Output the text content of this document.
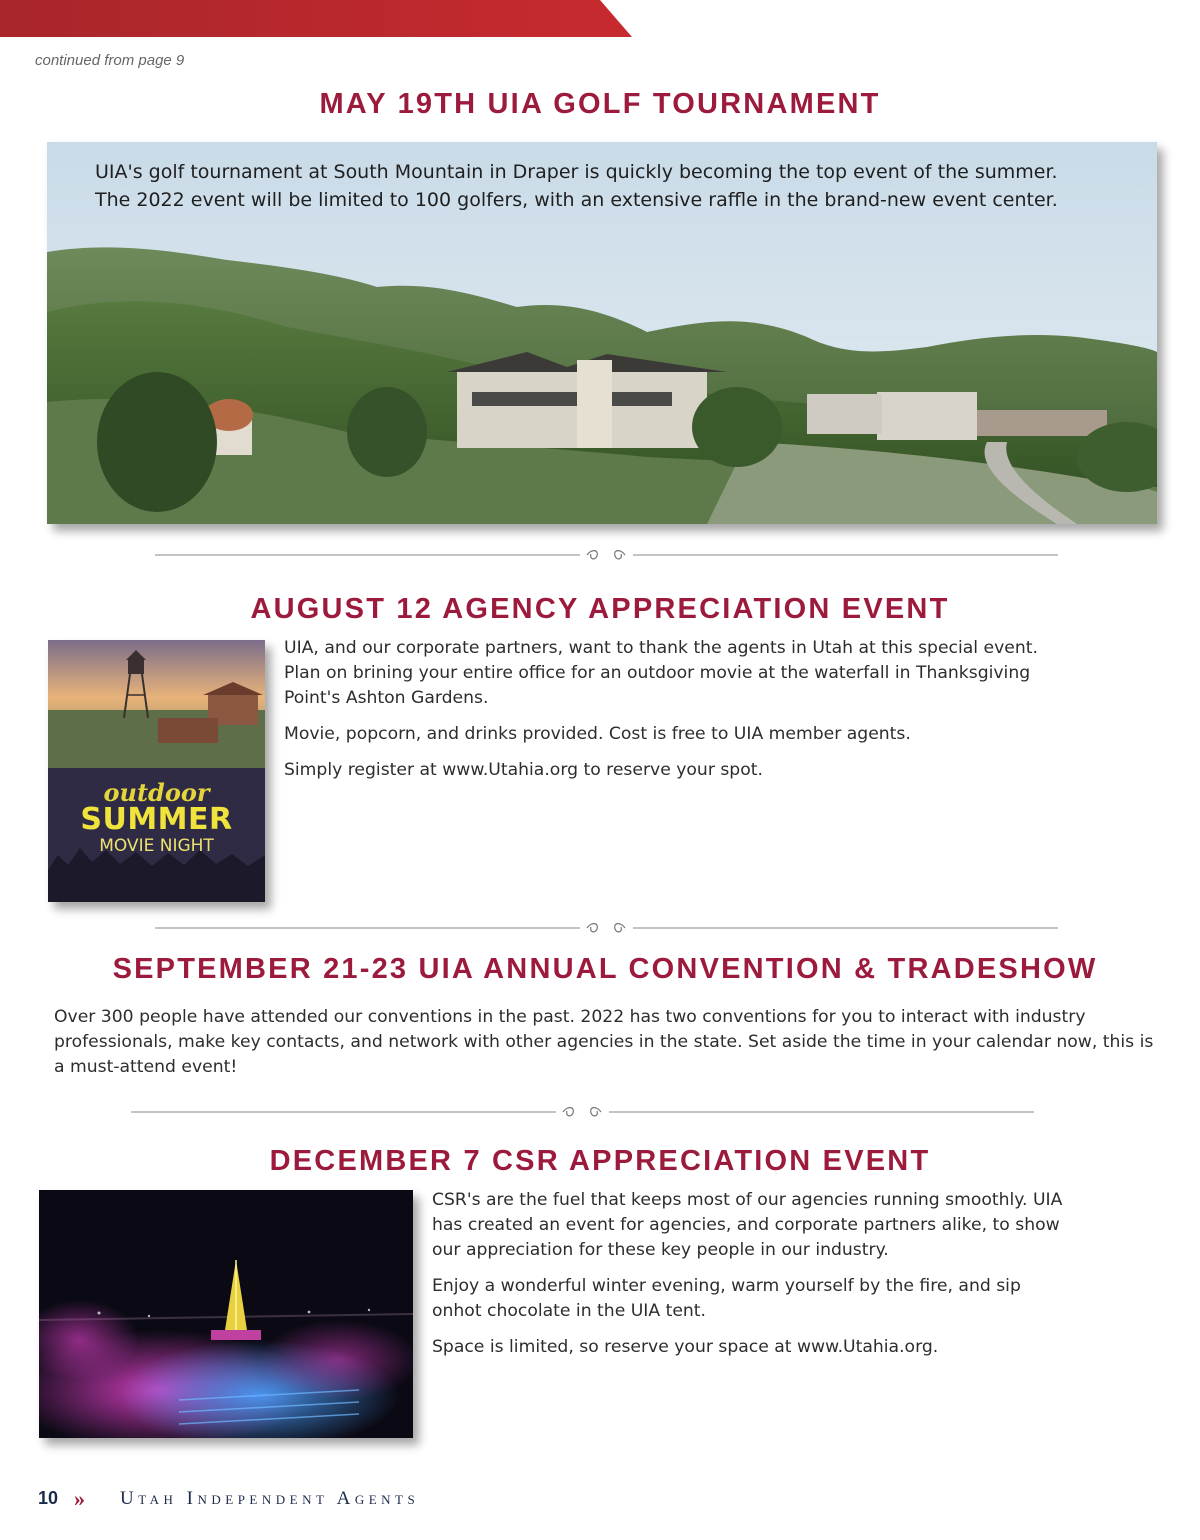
continued from page 9
MAY 19TH UIA GOLF TOURNAMENT
UIA's golf tournament at South Mountain in Draper is quickly becoming the top event of the summer.
The 2022 event will be limited to 100 golfers, with an extensive raffle in the brand-new event center.
AUGUST 12 AGENCY APPRECIATION EVENT
outdoor
SUMMER
MOVIE NIGHT

UIA, and our corporate partners, want to thank the agents in Utah at this special event. Plan on brining your entire office for an outdoor movie at the waterfall in Thanksgiving Point's Ashton Gardens.

Movie, popcorn, and drinks provided. Cost is free to UIA member agents.

Simply register at www.Utahia.org to reserve your spot.

SEPTEMBER 21-23 UIA ANNUAL CONVENTION & TRADESHOW

Over 300 people have attended our conventions in the past. 2022 has two conventions for you to interact with industry professionals, make key contacts, and network with other agencies in the state. Set aside the time in your calendar now, this is a must-attend event!

DECEMBER 7 CSR APPRECIATION EVENT

CSR's are the fuel that keeps most of our agencies running smoothly. UIA has created an event for agencies, and corporate partners alike, to show our appreciation for these key people in our industry.

Enjoy a wonderful winter evening, warm yourself by the fire, and sip onhot chocolate in the UIA tent.

Space is limited, so reserve your space at www.Utahia.org.

10 » Utah Independent Agents
